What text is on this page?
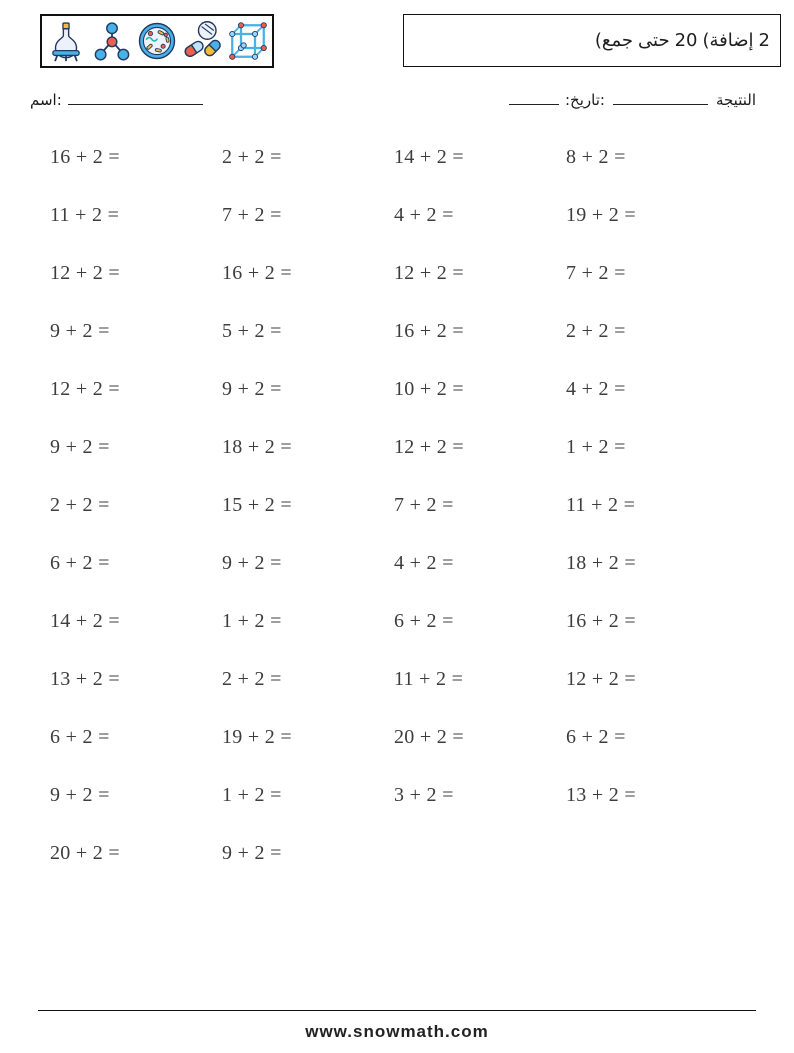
(جمع حتى 20 (إضافة 2
اسم:	:تاريخ:	النتيجة
16 + 2 =	2 + 2 =	14 + 2 =	8 + 2 =
11 + 2 =	7 + 2 =	4 + 2 =	19 + 2 =
12 + 2 =	16 + 2 =	12 + 2 =	7 + 2 =
9 + 2 =	5 + 2 =	16 + 2 =	2 + 2 =
12 + 2 =	9 + 2 =	10 + 2 =	4 + 2 =
9 + 2 =	18 + 2 =	12 + 2 =	1 + 2 =
2 + 2 =	15 + 2 =	7 + 2 =	11 + 2 =
6 + 2 =	9 + 2 =	4 + 2 =	18 + 2 =
14 + 2 =	1 + 2 =	6 + 2 =	16 + 2 =
13 + 2 =	2 + 2 =	11 + 2 =	12 + 2 =
6 + 2 =	19 + 2 =	20 + 2 =	6 + 2 =
9 + 2 =	1 + 2 =	3 + 2 =	13 + 2 =
20 + 2 =	9 + 2 =
www.snowmath.com
